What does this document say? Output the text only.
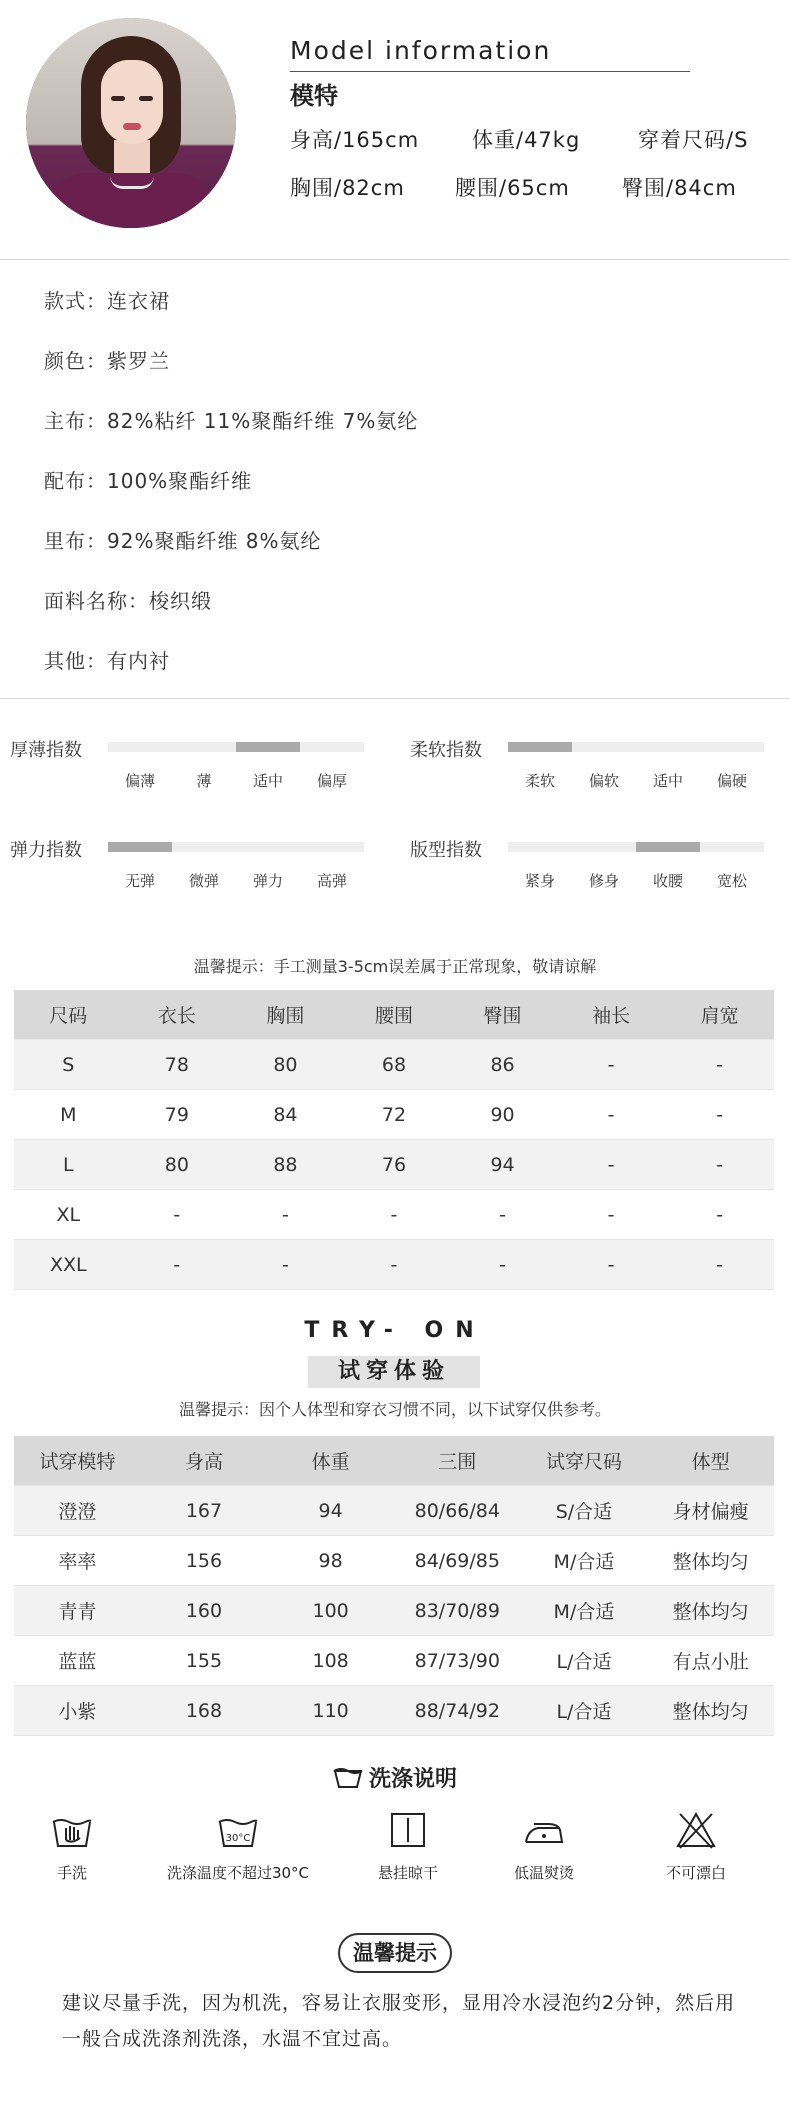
Model information
模特
身高/165cm	体重/47kg	穿着尺码/S
胸围/82cm 腰围/65cm 臀围/84cm
款式：连衣裙
颜色：紫罗兰
主布：82%粘纤 11%聚酯纤维 7%氨纶
配布：100%聚酯纤维
里布：92%聚酯纤维 8%氨纶
面料名称：梭织缎
其他：有内衬
厚薄指数
偏薄	薄	适中 偏厚
柔软指数
柔软 偏软 适中 偏硬
弹力指数
无弹 微弹 弹力 高弹
版型指数
紧身 修身 收腰 宽松
温馨提示：手工测量3-5cm误差属于正常现象，敬请谅解
尺码	衣长	胸围	腰围	臀围	袖长	肩宽
S	78	80	68	86	-	-
M	79	84	72	90	-	-
L	80	88	76	94	-	-
XL	-	-	-	-	-	-
XXL	-	-	-	-	-	-
TRY- ON
试穿体验
温馨提示：因个人体型和穿衣习惯不同，以下试穿仅供参考。
试穿模特	身高	体重	三围	试穿尺码	体型
澄澄	167	94	80/66/84	S/合适	身材偏瘦
率率	156	98	84/69/85	M/合适	整体均匀
青青	160	100	83/70/89	M/合适	整体均匀
蓝蓝	155	108	87/73/90	L/合适	有点小肚
小紫	168	110	88/74/92	L/合适	整体均匀
洗涤说明
30°C
手洗	洗涤温度不超过30°C	悬挂晾干	低温熨烫	不可漂白
温馨提示
建议尽量手洗，因为机洗，容易让衣服变形，显用冷水浸泡约2分钟，然后用一般合成洗涤剂洗涤，水温不宜过高。
